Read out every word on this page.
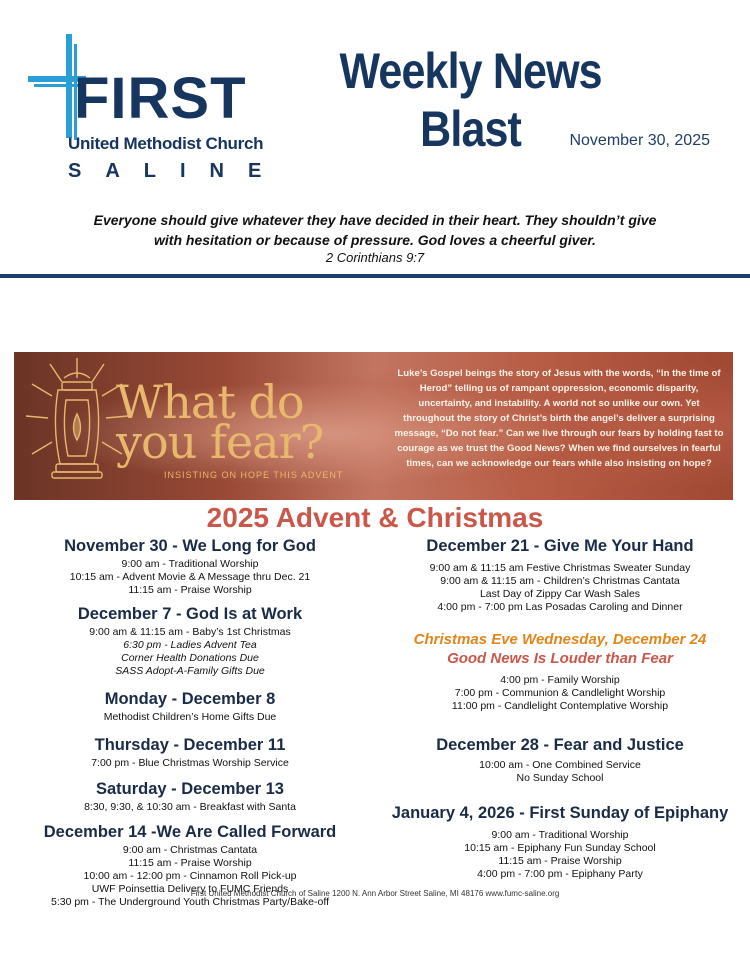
FIRST
United Methodist Church
SALINE
Weekly News Blast	November 30, 2025
Everyone should give whatever they have decided in their heart. They shouldn’t give
with hesitation or because of pressure. God loves a cheerful giver.
2 Corinthians 9:7
What do
you fear?
INSISTING ON HOPE THIS ADVENT
Luke’s Gospel beings the story of Jesus with the words, “In the time of Herod” telling us of rampant oppression, economic disparity, uncertainty, and instability. A world not so unlike our own. Yet throughout the story of Christ’s birth the angel’s deliver a surprising message, “Do not fear.” Can we live through our fears by holding fast to courage as we trust the Good News? When we find ourselves in fearful times, can we acknowledge our fears while also insisting on hope?
2025 Advent & Christmas
November 30 - We Long for God
9:00 am - Traditional Worship
10:15 am - Advent Movie & A Message thru Dec. 21
11:15 am - Praise Worship
December 7 - God Is at Work
9:00 am & 11:15 am - Baby’s 1st Christmas
6:30 pm - Ladies Advent Tea
Corner Health Donations Due
SASS Adopt-A-Family Gifts Due
Monday - December 8
Methodist Children’s Home Gifts Due
Thursday - December 11
7:00 pm - Blue Christmas Worship Service
Saturday - December 13
8:30, 9:30, & 10:30 am - Breakfast with Santa
December 14 -We Are Called Forward
9:00 am - Christmas Cantata
11:15 am - Praise Worship
10:00 am - 12:00 pm - Cinnamon Roll Pick-up
UWF Poinsettia Delivery to FUMC Friends
5:30 pm - The Underground Youth Christmas Party/Bake-off
December 21 - Give Me Your Hand
9:00 am & 11:15 am Festive Christmas Sweater Sunday
9:00 am & 11:15 am - Children’s Christmas Cantata
Last Day of Zippy Car Wash Sales
4:00 pm - 7:00 pm Las Posadas Caroling and Dinner
Christmas Eve Wednesday, December 24
Good News Is Louder than Fear
4:00 pm - Family Worship
7:00 pm - Communion & Candlelight Worship
11:00 pm - Candlelight Contemplative Worship
December 28 - Fear and Justice
10:00 am - One Combined Service
No Sunday School
January 4, 2026 - First Sunday of Epiphany
9:00 am - Traditional Worship
10:15 am - Epiphany Fun Sunday School
11:15 am - Praise Worship
4:00 pm - 7:00 pm - Epiphany Party
First United Methodist Church of Saline 1200 N. Ann Arbor Street Saline, MI 48176 www.fumc-saline.org
